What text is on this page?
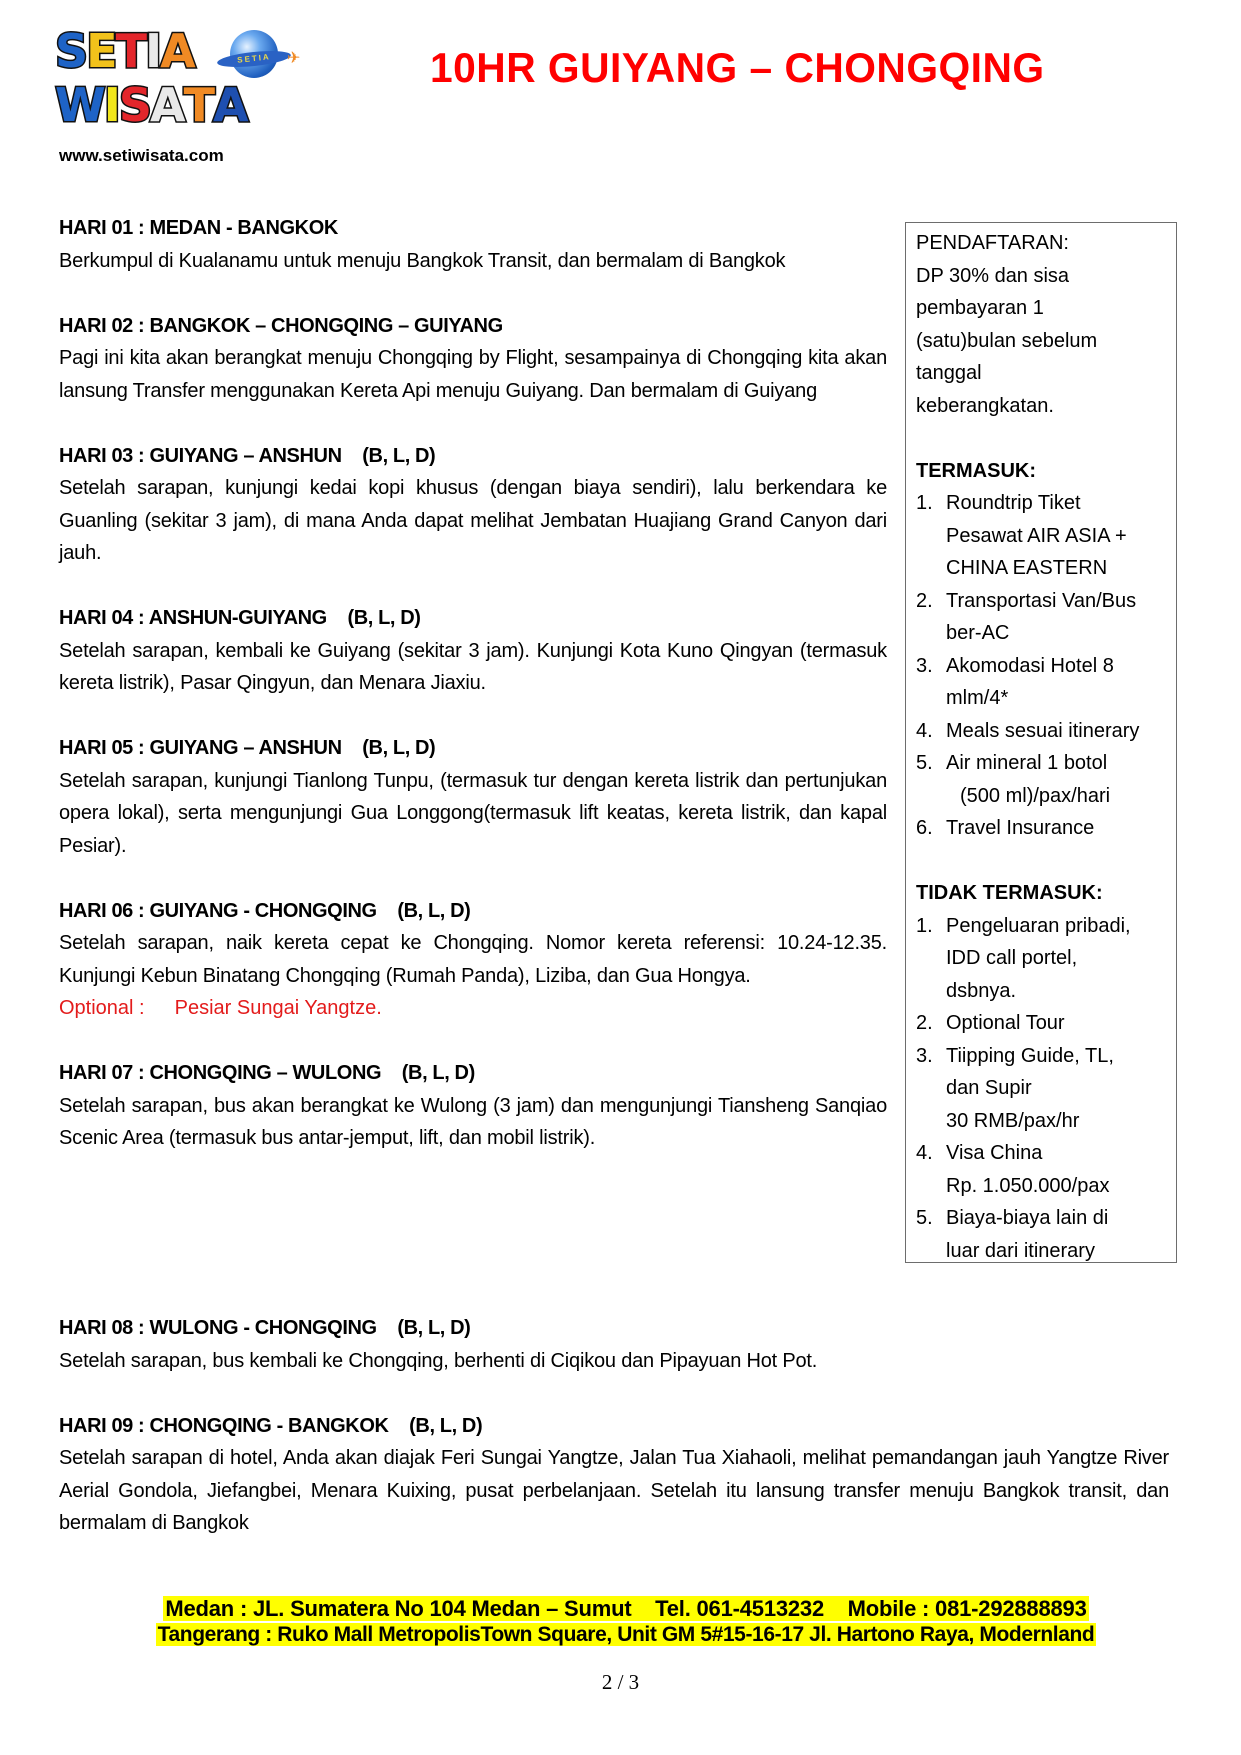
SETIA	SETIA ✈
WISATA
www.setiwisata.com
10HR GUIYANG – CHONGQING
HARI 01 : MEDAN - BANGKOK
Berkumpul di Kualanamu untuk menuju Bangkok Transit, dan bermalam di Bangkok
HARI 02 : BANGKOK – CHONGQING – GUIYANG
Pagi ini kita akan berangkat menuju Chongqing by Flight, sesampainya di Chongqing kita akan lansung Transfer menggunakan Kereta Api menuju Guiyang. Dan bermalam di Guiyang
HARI 03 : GUIYANG – ANSHUN (B, L, D)
Setelah sarapan, kunjungi kedai kopi khusus (dengan biaya sendiri), lalu berkendara ke Guanling (sekitar 3 jam), di mana Anda dapat melihat Jembatan Huajiang Grand Canyon dari jauh.
HARI 04 : ANSHUN-GUIYANG (B, L, D)
Setelah sarapan, kembali ke Guiyang (sekitar 3 jam). Kunjungi Kota Kuno Qingyan (termasuk kereta listrik), Pasar Qingyun, dan Menara Jiaxiu.
HARI 05 : GUIYANG – ANSHUN (B, L, D)
Setelah sarapan, kunjungi Tianlong Tunpu, (termasuk tur dengan kereta listrik dan pertunjukan opera lokal), serta mengunjungi Gua Longgong(termasuk lift keatas, kereta listrik, dan kapal Pesiar).
HARI 06 : GUIYANG - CHONGQING (B, L, D)
Setelah sarapan, naik kereta cepat ke Chongqing. Nomor kereta referensi: 10.24-12.35. Kunjungi Kebun Binatang Chongqing (Rumah Panda), Liziba, dan Gua Hongya.
Optional : Pesiar Sungai Yangtze.
HARI 07 : CHONGQING – WULONG (B, L, D)
Setelah sarapan, bus akan berangkat ke Wulong (3 jam) dan mengunjungi Tiansheng Sanqiao Scenic Area (termasuk bus antar-jemput, lift, dan mobil listrik).
HARI 08 : WULONG - CHONGQING (B, L, D)
Setelah sarapan, bus kembali ke Chongqing, berhenti di Ciqikou dan Pipayuan Hot Pot.
HARI 09 : CHONGQING - BANGKOK (B, L, D)
Setelah sarapan di hotel, Anda akan diajak Feri Sungai Yangtze, Jalan Tua Xiahaoli, melihat pemandangan jauh Yangtze River Aerial Gondola, Jiefangbei, Menara Kuixing, pusat perbelanjaan. Setelah itu lansung transfer menuju Bangkok transit, dan bermalam di Bangkok
PENDAFTARAN:
DP 30% dan sisa
pembayaran 1
(satu)bulan sebelum
tanggal
keberangkatan.
TERMASUK:
1. Roundtrip Tiket
Pesawat AIR ASIA +
CHINA EASTERN
2. Transportasi Van/Bus
ber-AC
3. Akomodasi Hotel 8
mlm/4*
4. Meals sesuai itinerary
5. Air mineral 1 botol
(500 ml)/pax/hari
6. Travel Insurance
TIDAK TERMASUK:
1. Pengeluaran pribadi,
IDD call portel,
dsbnya.
2. Optional Tour
3. Tiipping Guide, TL,
dan Supir
30 RMB/pax/hr
4. Visa China
Rp. 1.050.000/pax
5. Biaya-biaya lain di
luar dari itinerary
Medan : JL. Sumatera No 104 Medan – Sumut    Tel. 061-4513232    Mobile : 081-292888893
Tangerang : Ruko Mall MetropolisTown Square, Unit GM 5#15-16-17 Jl. Hartono Raya, Modernland
2 / 3
